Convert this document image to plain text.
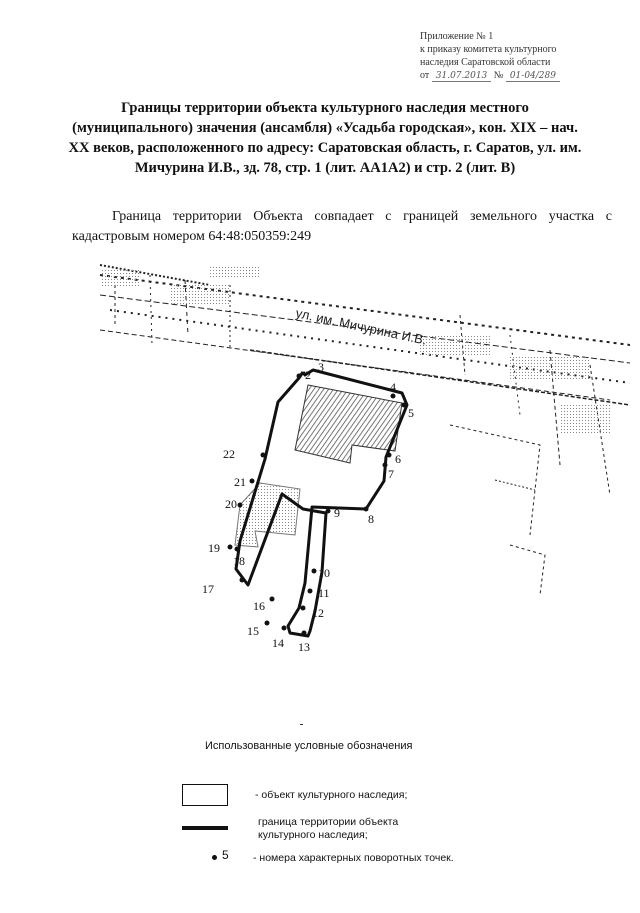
Приложение № 1
к приказу комитета культурного
наследия Саратовской области
от 31.07.2013 № 01-04/289
Границы территории объекта культурного наследия местного (муниципального) значения (ансамбля) «Усадьба городская», кон. XIX – нач. XX веков, расположенного по адресу: Саратовская область, г. Саратов, ул. им. Мичурина И.В., зд. 78, стр. 1 (лит. АА1А2) и стр. 2 (лит. В)
Граница территории Объекта совпадает с границей земельного участка с кадастровым номером 64:48:050359:249
ул. им. Мичурина И.В.
2
3
4
5
6
7
8
9
10
11
12
13
14
15
16
17
18
19
20
21
22
Использованные условные обозначения
- объект культурного наследия;
граница территории объекта культурного наследия;
5 - номера характерных поворотных точек.
